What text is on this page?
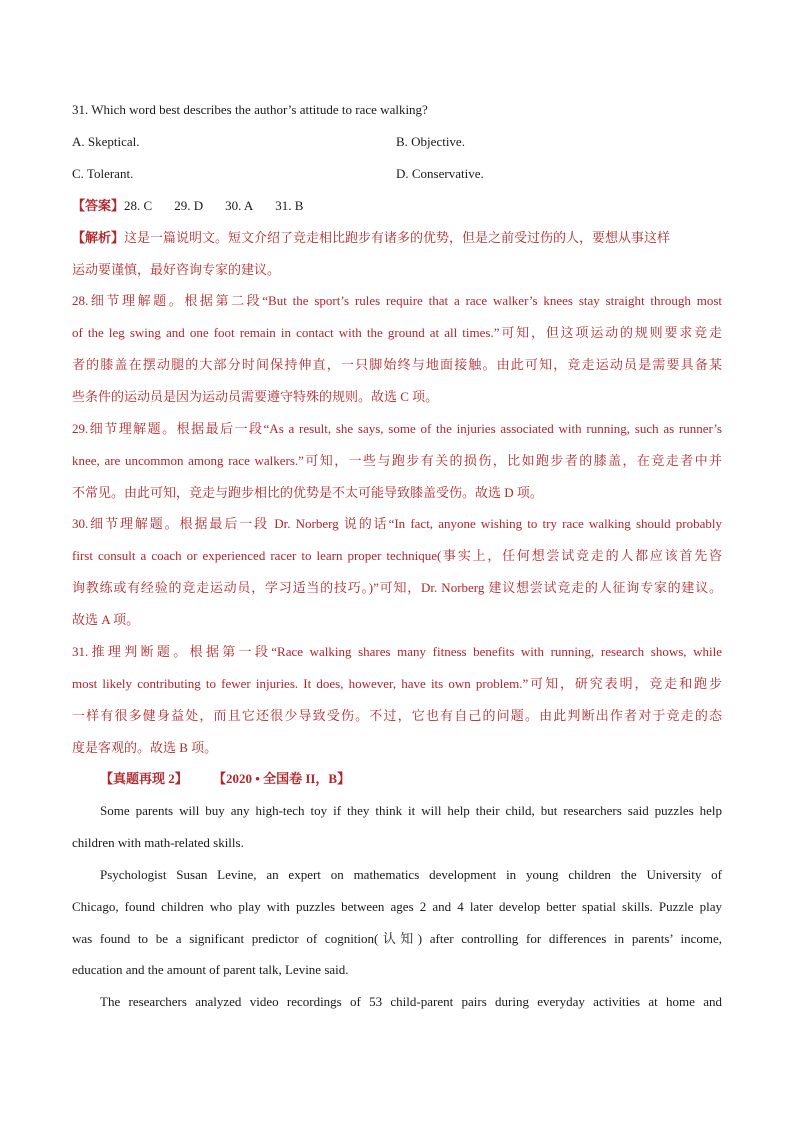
31. Which word best describes the author’s attitude to race walking?
A. Skeptical.	B. Objective.
C. Tolerant.	D. Conservative.
【答案】28. C 29. D 30. A 31. B
【解析】这是一篇说明文。短文介绍了竞走相比跑步有诸多的优势，但是之前受过伤的人，要想从事这样
运动要谨慎，最好咨询专家的建议。
28.细节理解题。根据第二段“But the sport’s rules require that a race walker’s knees stay straight through most
of the leg swing and one foot remain in contact with the ground at all times.”可知，但这项运动的规则要求竞走
者的膝盖在摆动腿的大部分时间保持伸直，一只脚始终与地面接触。由此可知，竞走运动员是需要具备某
些条件的运动员是因为运动员需要遵守特殊的规则。故选 C 项。
29.细节理解题。根据最后一段“As a result, she says, some of the injuries associated with running, such as runner’s
knee, are uncommon among race walkers.”可知，一些与跑步有关的损伤，比如跑步者的膝盖，在竞走者中并
不常见。由此可知，竞走与跑步相比的优势是不太可能导致膝盖受伤。故选 D 项。
30.细节理解题。根据最后一段 Dr. Norberg 说的话“In fact, anyone wishing to try race walking should probably
first consult a coach or experienced racer to learn proper technique(事实上，任何想尝试竞走的人都应该首先咨
询教练或有经验的竞走运动员，学习适当的技巧。)”可知，Dr. Norberg 建议想尝试竞走的人征询专家的建议。
故选 A 项。
31.推理判断题。根据第一段“Race walking shares many fitness benefits with running, research shows, while
most likely contributing to fewer injuries. It does, however, have its own problem.”可知，研究表明，竞走和跑步
一样有很多健身益处，而且它还很少导致受伤。不过，它也有自己的问题。由此判断出作者对于竞走的态
度是客观的。故选 B 项。
【真题再现 2】 【2020 • 全国卷 II，B】
Some parents will buy any high-tech toy if they think it will help their child, but researchers said puzzles help
children with math-related skills.
Psychologist Susan Levine, an expert on mathematics development in young children the University of
Chicago, found children who play with puzzles between ages 2 and 4 later develop better spatial skills. Puzzle play
was found to be a significant predictor of cognition(认知) after controlling for differences in parents’ income,
education and the amount of parent talk, Levine said.
The researchers analyzed video recordings of 53 child-parent pairs during everyday activities at home and
